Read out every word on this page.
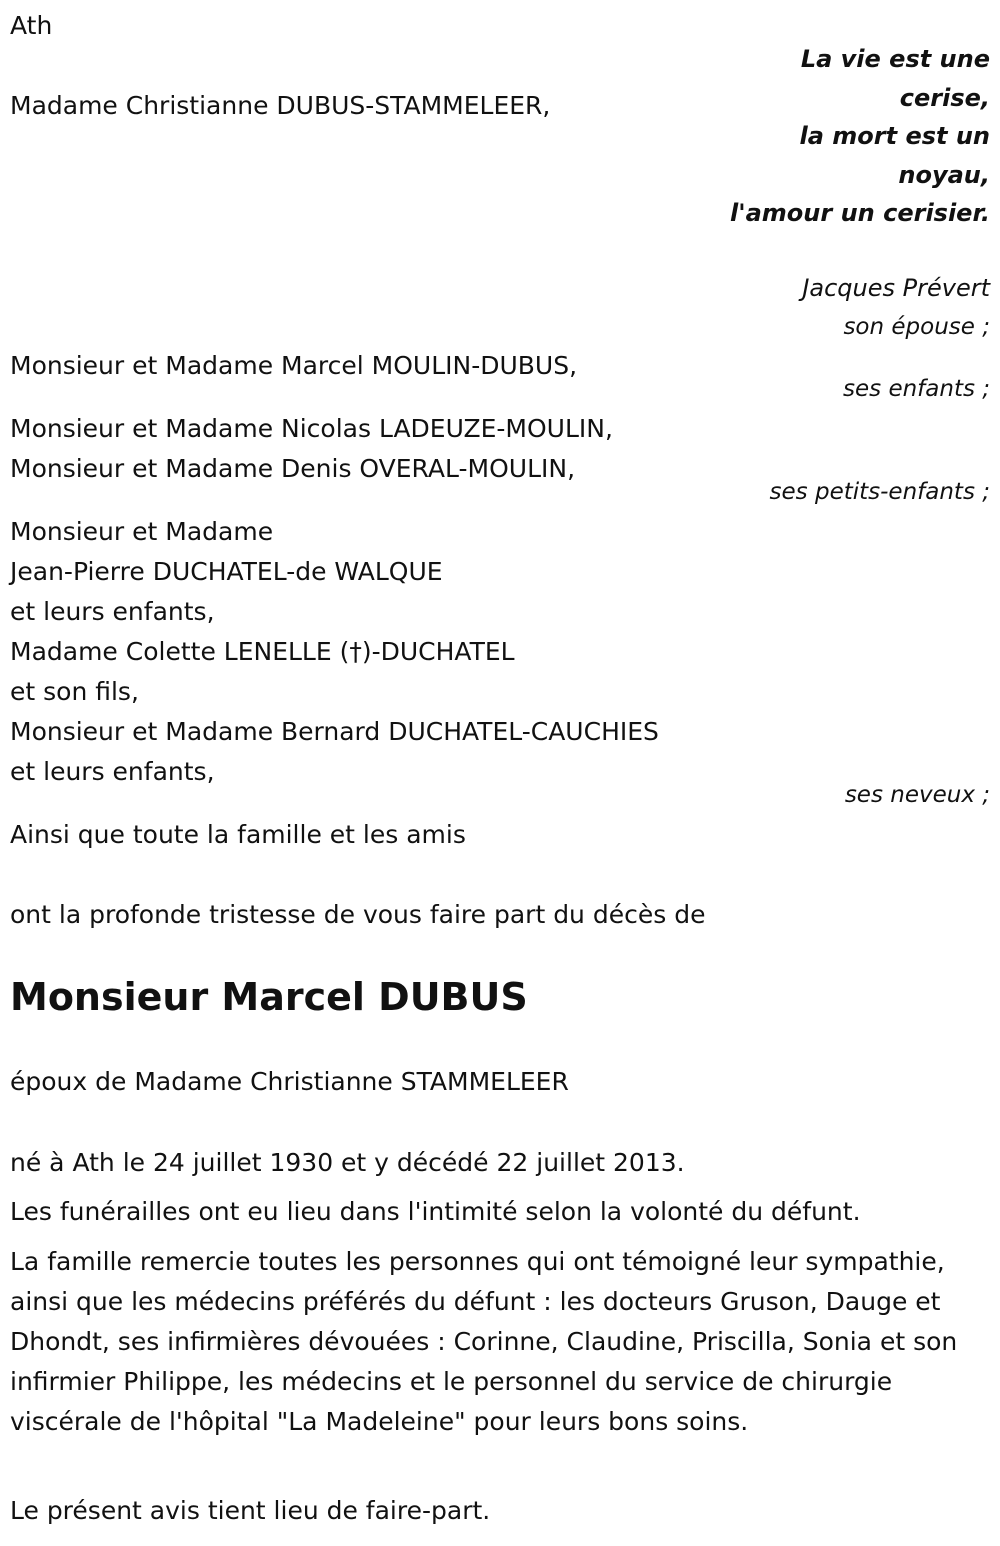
Ath
La vie est une cerise,
la mort est un noyau,
l'amour un cerisier.
Jacques Prévert
Madame Christianne DUBUS-STAMMELEER,
son épouse ;
Monsieur et Madame Marcel MOULIN-DUBUS,
ses enfants ;
Monsieur et Madame Nicolas LADEUZE-MOULIN,
Monsieur et Madame Denis OVERAL-MOULIN,
ses petits-enfants ;
Monsieur et Madame
Jean-Pierre DUCHATEL-de WALQUE
et leurs enfants,
Madame Colette LENELLE (†)-DUCHATEL
et son fils,
Monsieur et Madame Bernard DUCHATEL-CAUCHIES
et leurs enfants,
ses neveux ;
Ainsi que toute la famille et les amis
ont la profonde tristesse de vous faire part du décès de
Monsieur Marcel DUBUS
époux de Madame Christianne STAMMELEER
né à Ath le 24 juillet 1930 et y décédé 22 juillet 2013.
Les funérailles ont eu lieu dans l'intimité selon la volonté du défunt.
La famille remercie toutes les personnes qui ont témoigné leur sympathie, ainsi que les médecins préférés du défunt : les docteurs Gruson, Dauge et Dhondt, ses infirmières dévouées : Corinne, Claudine, Priscilla, Sonia et son infirmier Philippe, les médecins et le personnel du service de chirurgie viscérale de l'hôpital "La Madeleine" pour leurs bons soins.
Le présent avis tient lieu de faire-part.
